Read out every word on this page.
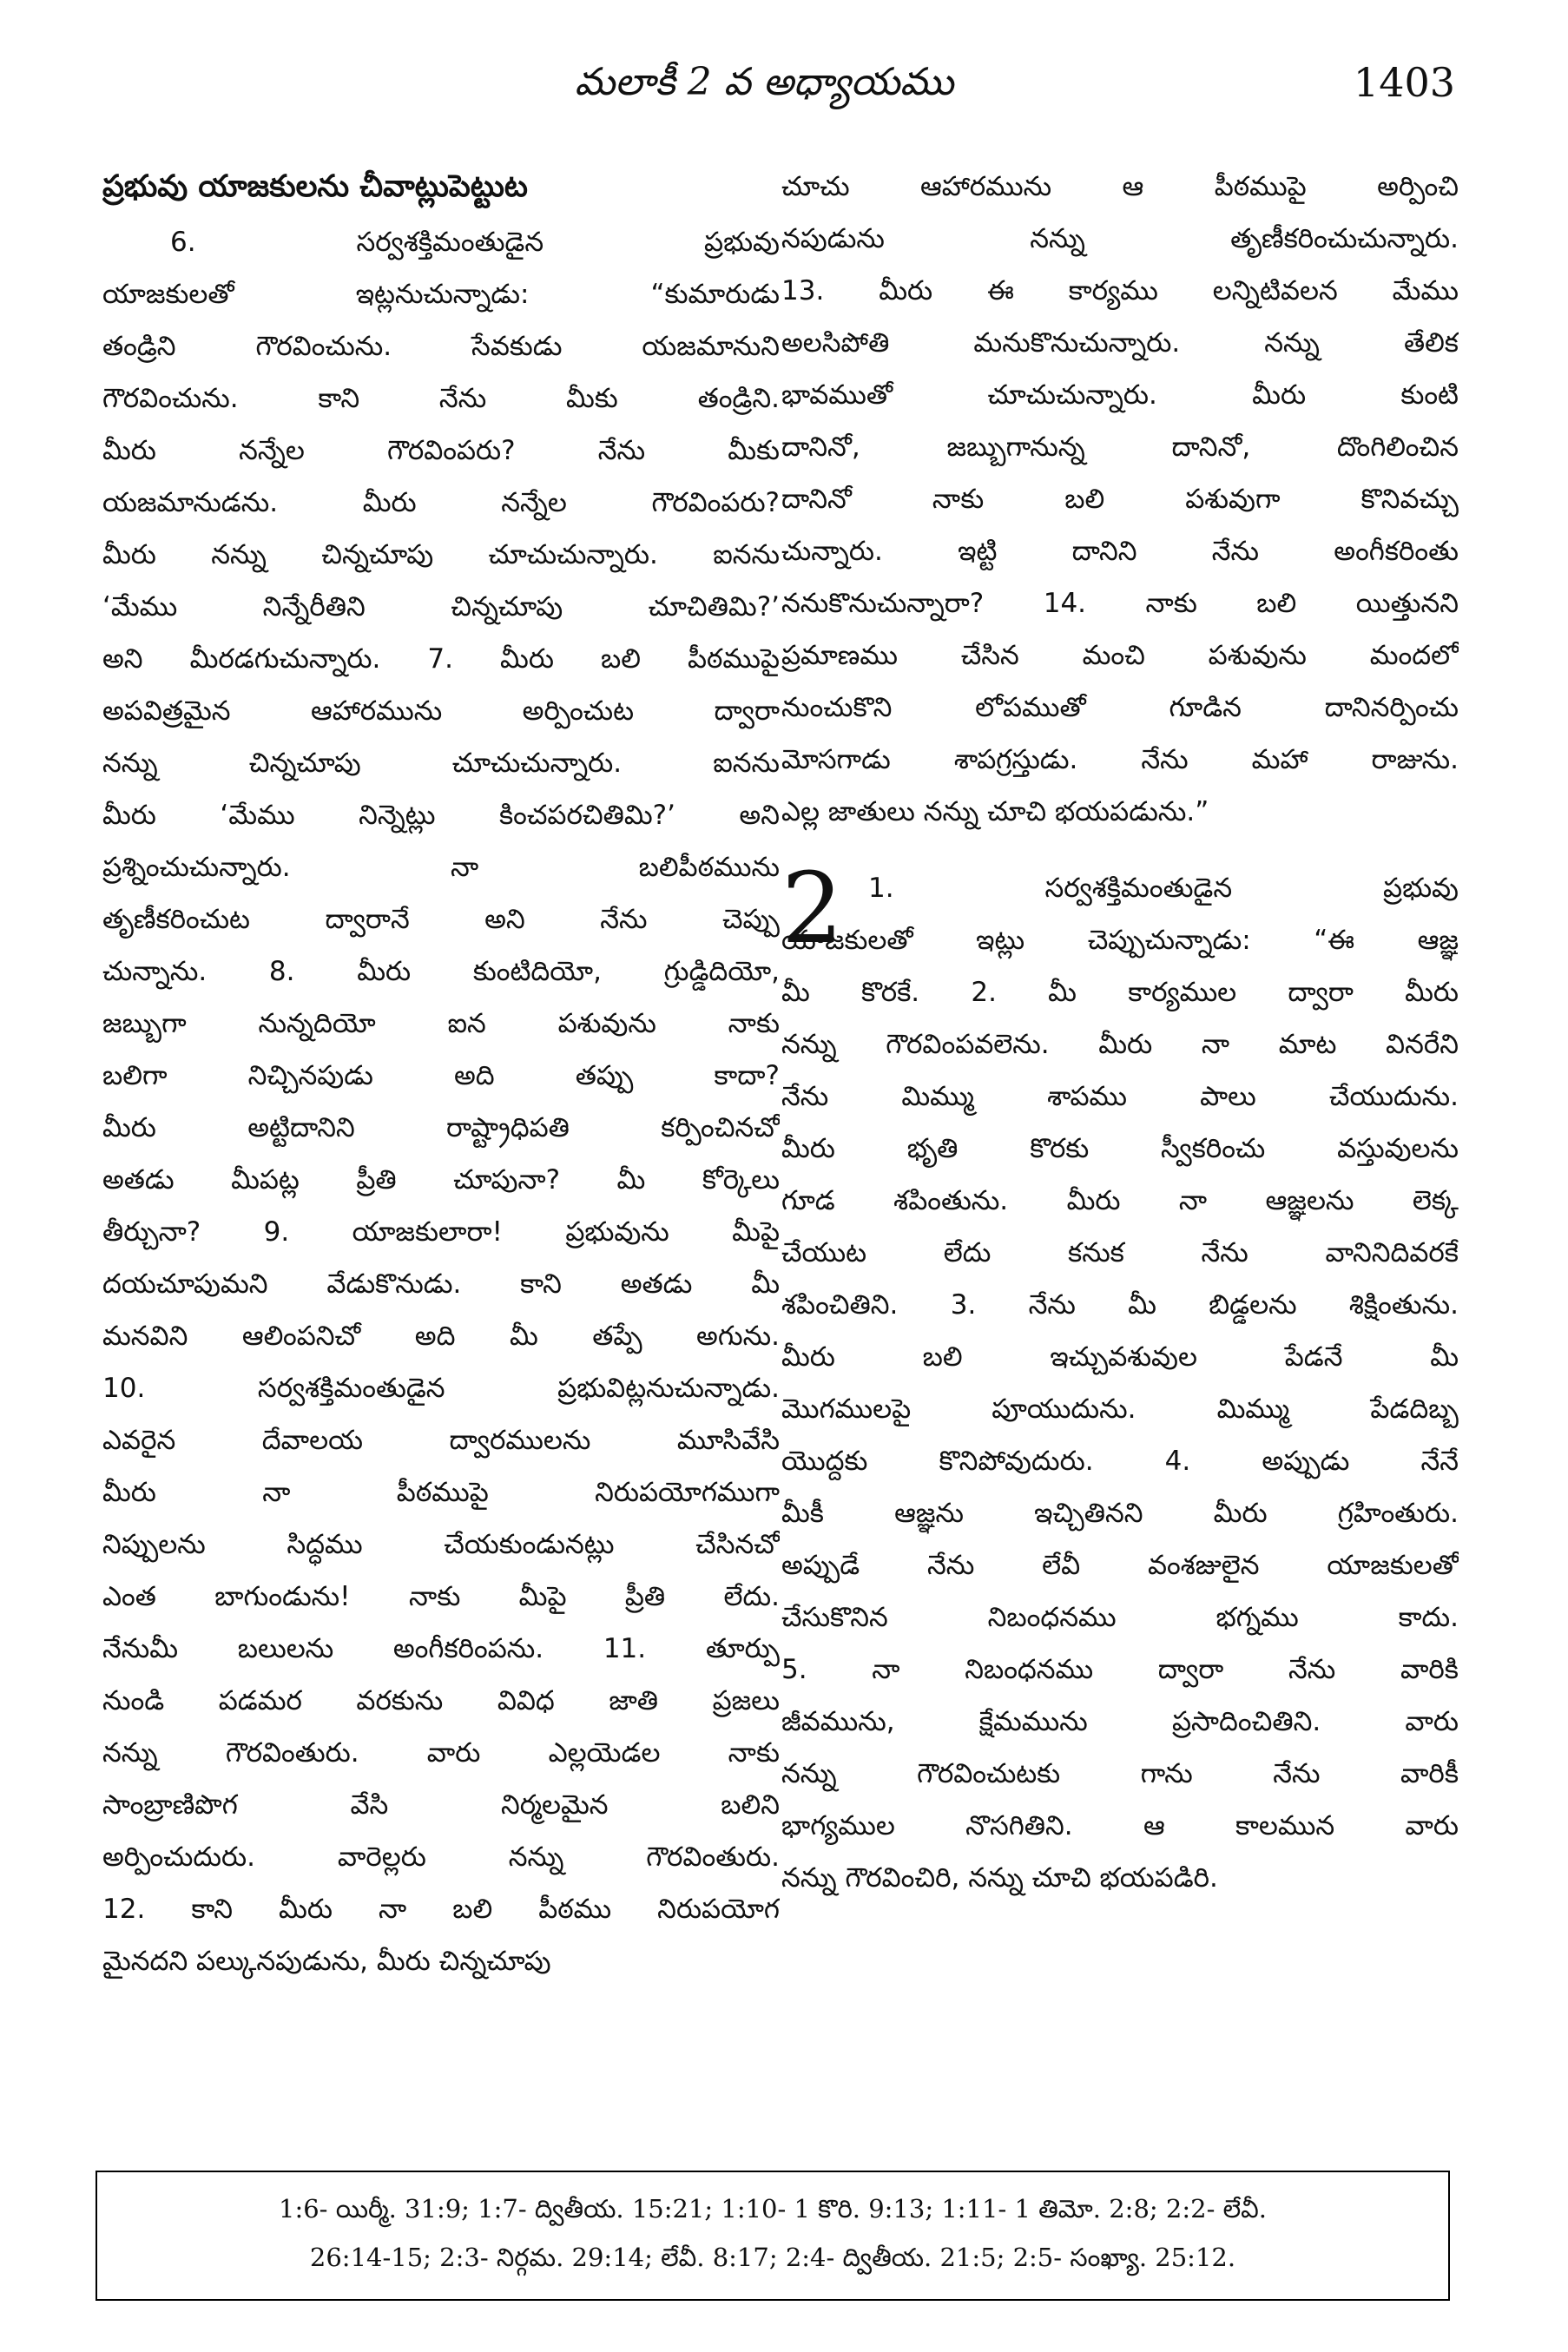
మలాకీ 2 వ అధ్యాయము	1403
ప్రభువు యాజకులను చీవాట్లుపెట్టుట
6. సర్వశక్తిమంతుడైన ప్రభువు
యాజకులతో ఇట్లనుచున్నాడు: “కుమారుడు
తండ్రిని గౌరవించును. సేవకుడు యజమానుని
గౌరవించును. కాని నేను మీకు తండ్రిని.
మీరు నన్నేల గౌరవింపరు? నేను మీకు
యజమానుడను. మీరు నన్నేల గౌరవింపరు?
మీరు నన్ను చిన్నచూపు చూచుచున్నారు. ఐనను
‘మేము నిన్నేరీతిని చిన్నచూపు చూచితిమి?’
అని మీరడగుచున్నారు. 7. మీరు బలి పీఠముపై
అపవిత్రమైన ఆహారమును అర్పించుట ద్వారా
నన్ను చిన్నచూపు చూచుచున్నారు. ఐనను
మీరు ‘మేము నిన్నెట్లు కించపరచితిమి?’ అని
ప్రశ్నించుచున్నారు. నా బలిపీఠమును
తృణీకరించుట ద్వారానే అని నేను చెప్పు
చున్నాను. 8. మీరు కుంటిదియో, గ్రుడ్డిదియో,
జబ్బుగా నున్నదియో ఐన పశువును నాకు
బలిగా నిచ్చినపుడు అది తప్పు కాదా?
మీరు అట్టిదానిని రాష్ట్రాధిపతి కర్పించినచో
అతడు మీపట్ల ప్రీతి చూపునా? మీ కోర్కెలు
తీర్చునా? 9. యాజకులారా! ప్రభువును మీపై
దయచూపుమని వేడుకొనుడు. కాని అతడు మీ
మనవిని ఆలింపనిచో అది మీ తప్పే అగును.
10. సర్వశక్తిమంతుడైన ప్రభువిట్లనుచున్నాడు.
ఎవరైన దేవాలయ ద్వారములను మూసివేసి
మీరు నా పీఠముపై నిరుపయోగముగా
నిప్పులను సిద్ధము చేయకుండునట్లు చేసినచో
ఎంత బాగుండును! నాకు మీపై ప్రీతి లేదు.
నేనుమీ బలులను అంగీకరింపను. 11. తూర్పు
నుండి పడమర వరకును వివిధ జాతి ప్రజలు
నన్ను గౌరవింతురు. వారు ఎల్లయెడల నాకు
సాంబ్రాణిపొగ వేసి నిర్మలమైన బలిని
అర్పించుదురు. వారెల్లరు నన్ను గౌరవింతురు.
12. కాని మీరు నా బలి పీఠము నిరుపయోగ
మైనదని పల్కునపుడును, మీరు చిన్నచూపు
చూచు ఆహారమును ఆ పీఠముపై అర్పించి
నపుడును నన్ను తృణీకరించుచున్నారు.
13. మీరు ఈ కార్యము లన్నిటివలన మేము
అలసిపోతి మనుకొనుచున్నారు. నన్ను తేలిక
భావముతో చూచుచున్నారు. మీరు కుంటి
దానినో, జబ్బుగానున్న దానినో, దొంగిలించిన
దానినో నాకు బలి పశువుగా కొనివచ్చు
చున్నారు. ఇట్టి దానిని నేను అంగీకరింతు
ననుకొనుచున్నారా? 14. నాకు బలి యిత్తునని
ప్రమాణము చేసిన మంచి పశువును మందలో
నుంచుకొని లోపముతో గూడిన దానినర్పించు
మోసగాడు శాపగ్రస్తుడు. నేను మహా రాజును.
ఎల్ల జాతులు నన్ను చూచి భయపడును.”
2 1. సర్వశక్తిమంతుడైన ప్రభువు
యాజకులతో ఇట్లు చెప్పుచున్నాడు: “ఈ ఆజ్ఞ
మీ కొరకే. 2. మీ కార్యముల ద్వారా మీరు
నన్ను గౌరవింపవలెను. మీరు నా మాట వినరేని
నేను మిమ్ము శాపము పాలు చేయుదును.
మీరు భృతి కొరకు స్వీకరించు వస్తువులను
గూడ శపింతును. మీరు నా ఆజ్ఞలను లెక్క
చేయుట లేదు కనుక నేను వానినిదివరకే
శపించితిని. 3. నేను మీ బిడ్డలను శిక్షింతును.
మీరు బలి ఇచ్చువశువుల పేడనే మీ
మొగములపై పూయుదును. మిమ్ము పేడదిబ్బ
యొద్దకు కొనిపోవుదురు. 4. అప్పుడు నేనే
మీకీ ఆజ్ఞను ఇచ్చితినని మీరు గ్రహింతురు.
అప్పుడే నేను లేవీ వంశజులైన యాజకులతో
చేసుకొనిన నిబంధనము భగ్నము కాదు.
5. నా నిబంధనము ద్వారా నేను వారికి
జీవమును, క్షేమమును ప్రసాదించితిని. వారు
నన్ను గౌరవించుటకు గాను నేను వారికీ
భాగ్యముల నొసగితిని. ఆ కాలమున వారు
నన్ను గౌరవించిరి, నన్ను చూచి భయపడిరి.
1:6- యిర్మీ. 31:9; 1:7- ద్వితీయ. 15:21; 1:10- 1 కొరి. 9:13; 1:11- 1 తిమో. 2:8; 2:2- లేవీ.
26:14-15; 2:3- నిర్గమ. 29:14; లేవీ. 8:17; 2:4- ద్వితీయ. 21:5; 2:5- సంఖ్యా. 25:12.
